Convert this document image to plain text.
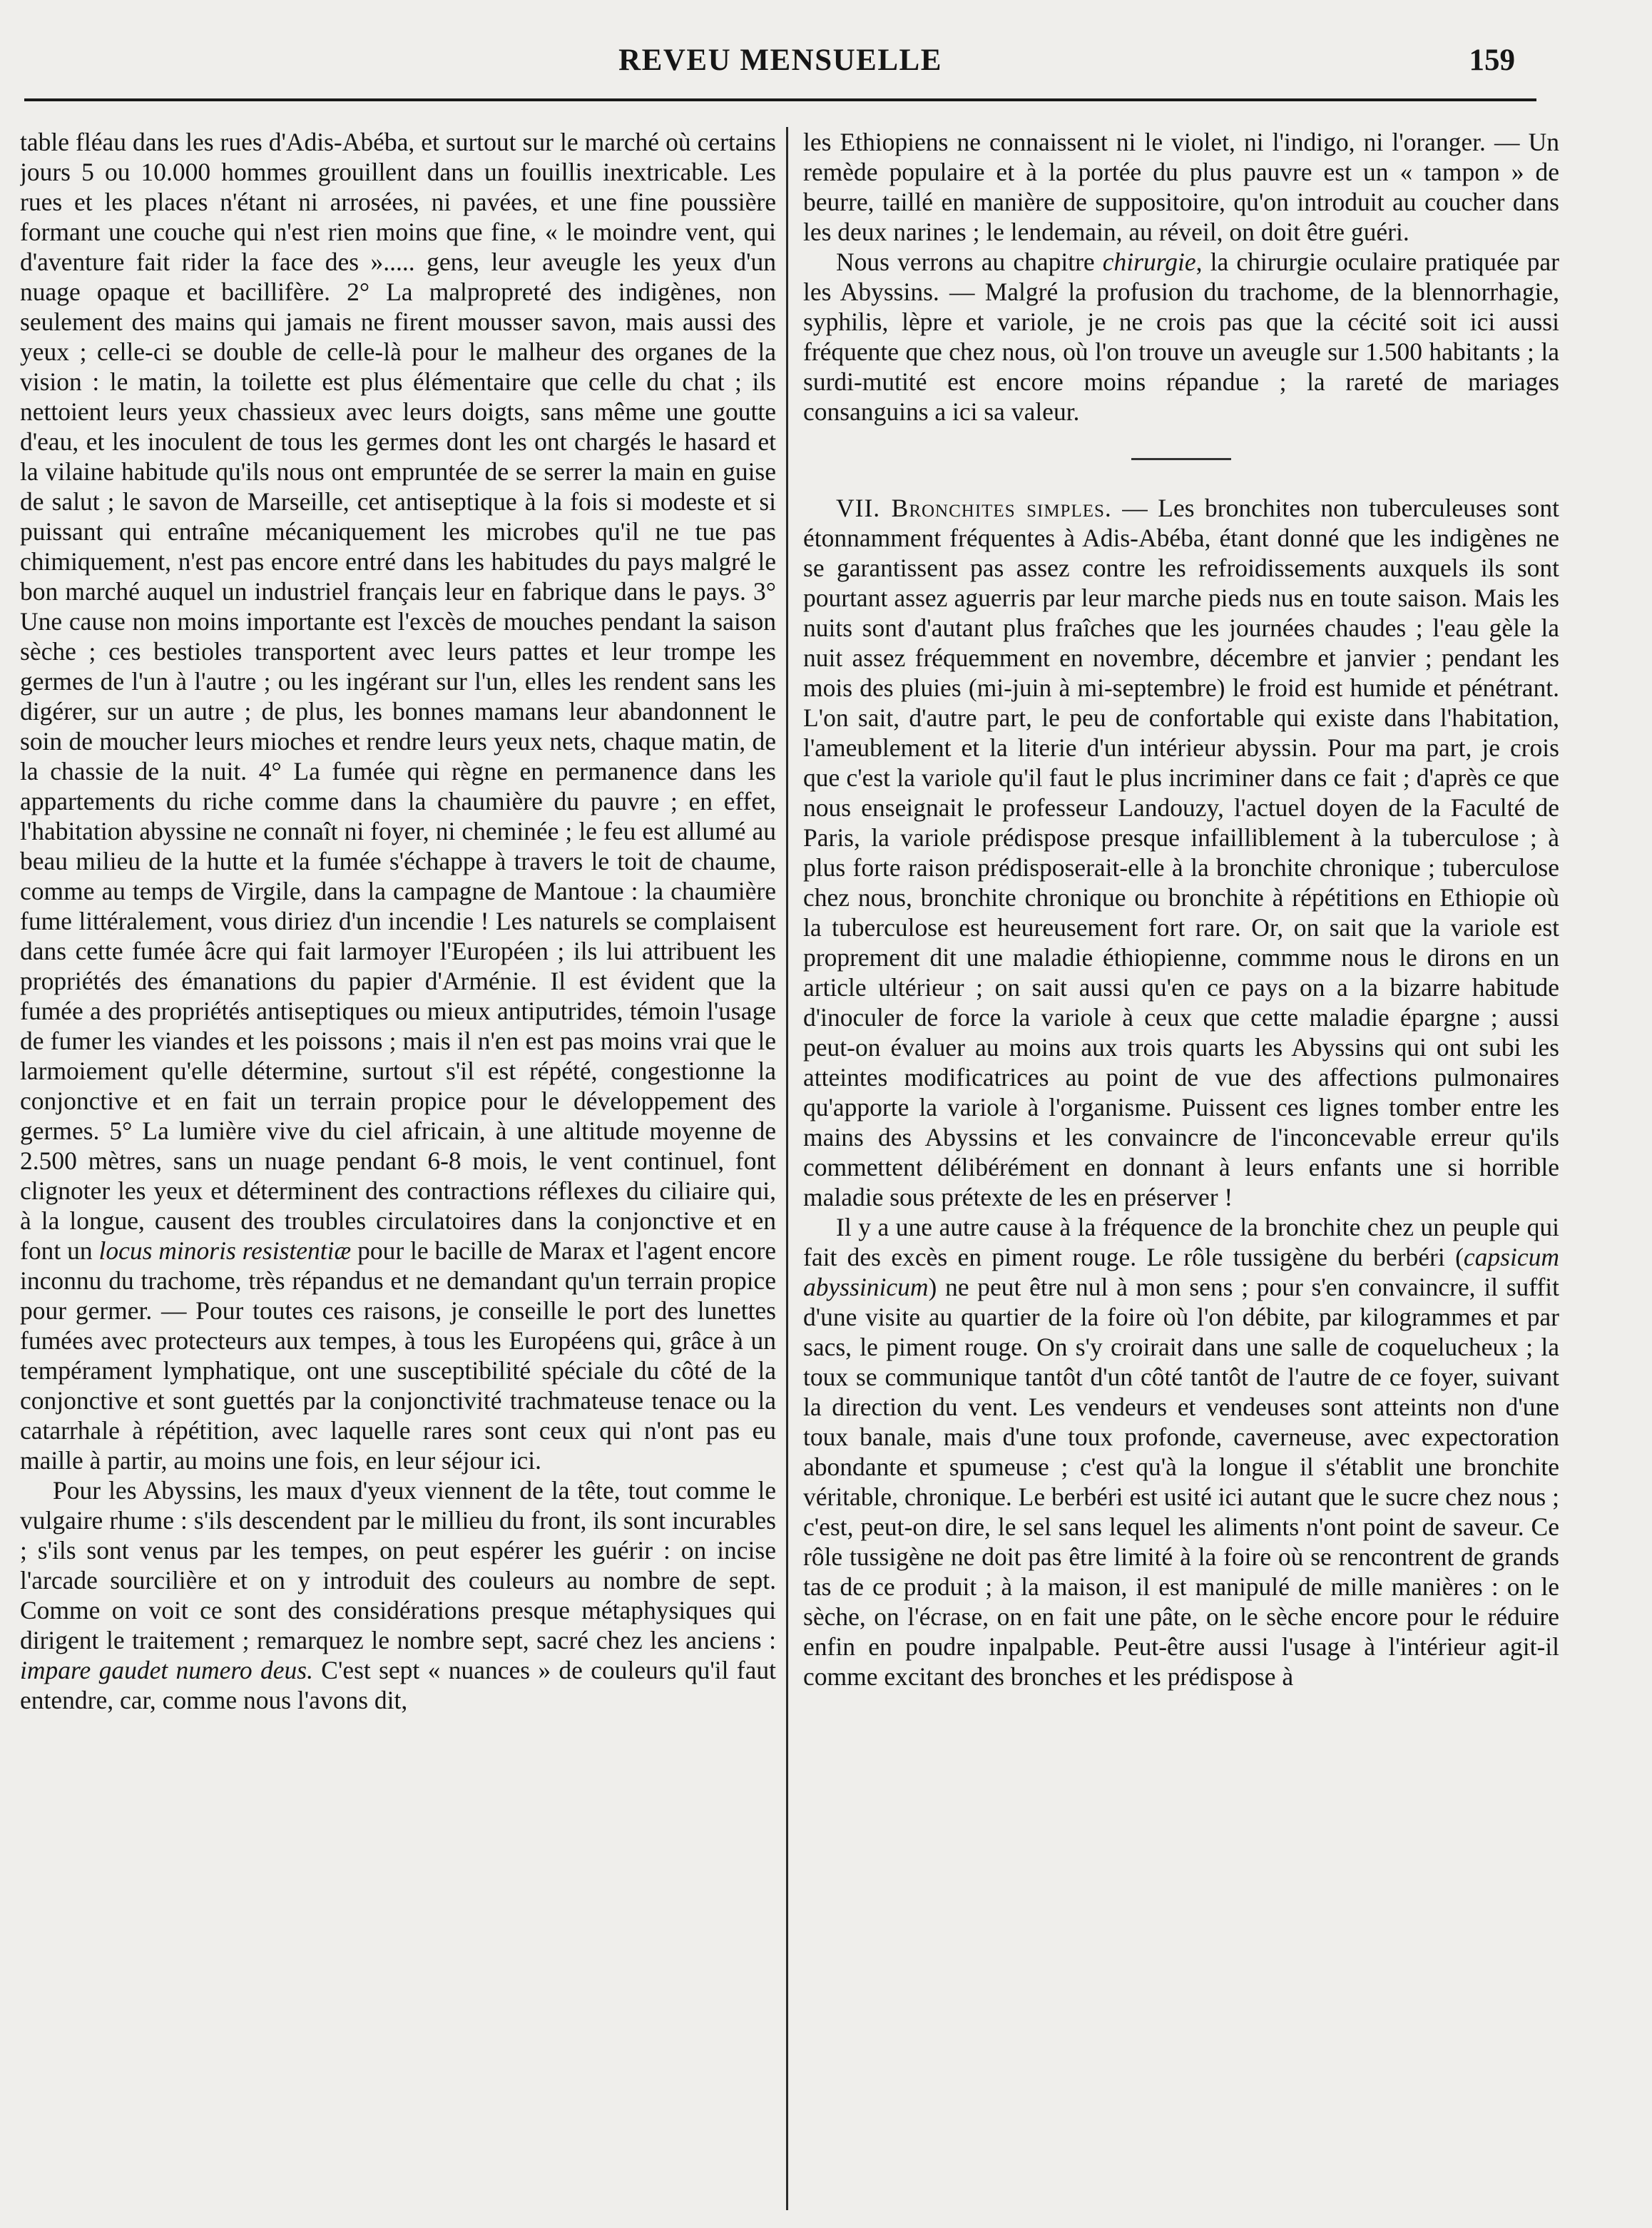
REVEU MENSUELLE	159

table fléau dans les rues d'Adis-Abéba, et surtout sur le marché où certains jours 5 ou 10.000 hommes grouillent dans un fouillis inextricable. Les rues et les places n'étant ni arrosées, ni pavées, et une fine poussière formant une couche qui n'est rien moins que fine, « le moindre vent, qui d'aventure fait rider la face des »..... gens, leur aveugle les yeux d'un nuage opaque et bacillifère. 2° La malpropreté des indigènes, non seulement des mains qui jamais ne firent mousser savon, mais aussi des yeux ; celle-ci se double de celle-là pour le malheur des organes de la vision : le matin, la toilette est plus élémentaire que celle du chat ; ils nettoient leurs yeux chassieux avec leurs doigts, sans même une goutte d'eau, et les inoculent de tous les germes dont les ont chargés le hasard et la vilaine habitude qu'ils nous ont empruntée de se serrer la main en guise de salut ; le savon de Marseille, cet antiseptique à la fois si modeste et si puissant qui entraîne mécaniquement les microbes qu'il ne tue pas chimiquement, n'est pas encore entré dans les habitudes du pays malgré le bon marché auquel un industriel français leur en fabrique dans le pays. 3° Une cause non moins importante est l'excès de mouches pendant la saison sèche ; ces bestioles transportent avec leurs pattes et leur trompe les germes de l'un à l'autre ; ou les ingérant sur l'un, elles les rendent sans les digérer, sur un autre ; de plus, les bonnes mamans leur abandonnent le soin de moucher leurs mioches et rendre leurs yeux nets, chaque matin, de la chassie de la nuit. 4° La fumée qui règne en permanence dans les appartements du riche comme dans la chaumière du pauvre ; en effet, l'habitation abyssine ne connaît ni foyer, ni cheminée ; le feu est allumé au beau milieu de la hutte et la fumée s'échappe à travers le toit de chaume, comme au temps de Virgile, dans la campagne de Mantoue : la chaumière fume littéralement, vous diriez d'un incendie ! Les naturels se complaisent dans cette fumée âcre qui fait larmoyer l'Européen ; ils lui attribuent les propriétés des émanations du papier d'Arménie. Il est évident que la fumée a des propriétés antiseptiques ou mieux antiputrides, témoin l'usage de fumer les viandes et les poissons ; mais il n'en est pas moins vrai que le larmoiement qu'elle détermine, surtout s'il est répété, congestionne la conjonctive et en fait un terrain propice pour le développement des germes. 5° La lumière vive du ciel africain, à une altitude moyenne de 2.500 mètres, sans un nuage pendant 6-8 mois, le vent continuel, font clignoter les yeux et déterminent des contractions réflexes du ciliaire qui, à la longue, causent des troubles circulatoires dans la conjonctive et en font un locus minoris resistentiæ pour le bacille de Marax et l'agent encore inconnu du trachome, très répandus et ne demandant qu'un terrain propice pour germer. — Pour toutes ces raisons, je conseille le port des lunettes fumées avec protecteurs aux tempes, à tous les Européens qui, grâce à un tempérament lymphatique, ont une susceptibilité spéciale du côté de la conjonctive et sont guettés par la conjonctivité trachmateuse tenace ou la catarrhale à répétition, avec laquelle rares sont ceux qui n'ont pas eu maille à partir, au moins une fois, en leur séjour ici.

Pour les Abyssins, les maux d'yeux viennent de la tête, tout comme le vulgaire rhume : s'ils descendent par le millieu du front, ils sont incurables ; s'ils sont venus par les tempes, on peut espérer les guérir : on incise l'arcade sourcilière et on y introduit des couleurs au nombre de sept. Comme on voit ce sont des considérations presque métaphysiques qui dirigent le traitement ; remarquez le nombre sept, sacré chez les anciens : impare gaudet numero deus. C'est sept « nuances » de couleurs qu'il faut entendre, car, comme nous l'avons dit,

les Ethiopiens ne connaissent ni le violet, ni l'indigo, ni l'oranger. — Un remède populaire et à la portée du plus pauvre est un « tampon » de beurre, taillé en manière de suppositoire, qu'on introduit au coucher dans les deux narines ; le lendemain, au réveil, on doit être guéri.

Nous verrons au chapitre chirurgie, la chirurgie oculaire pratiquée par les Abyssins. — Malgré la profusion du trachome, de la blennorrhagie, syphilis, lèpre et variole, je ne crois pas que la cécité soit ici aussi fréquente que chez nous, où l'on trouve un aveugle sur 1.500 habitants ; la surdi-mutité est encore moins répandue ; la rareté de mariages consanguins a ici sa valeur.

VII. Bronchites simples. — Les bronchites non tuberculeuses sont étonnamment fréquentes à Adis-Abéba, étant donné que les indigènes ne se garantissent pas assez contre les refroidissements auxquels ils sont pourtant assez aguerris par leur marche pieds nus en toute saison. Mais les nuits sont d'autant plus fraîches que les journées chaudes ; l'eau gèle la nuit assez fréquemment en novembre, décembre et janvier ; pendant les mois des pluies (mi-juin à mi-septembre) le froid est humide et pénétrant. L'on sait, d'autre part, le peu de confortable qui existe dans l'habitation, l'ameublement et la literie d'un intérieur abyssin. Pour ma part, je crois que c'est la variole qu'il faut le plus incriminer dans ce fait ; d'après ce que nous enseignait le professeur Landouzy, l'actuel doyen de la Faculté de Paris, la variole prédispose presque infailliblement à la tuberculose ; à plus forte raison prédisposerait-elle à la bronchite chronique ; tuberculose chez nous, bronchite chronique ou bronchite à répétitions en Ethiopie où la tuberculose est heureusement fort rare. Or, on sait que la variole est proprement dit une maladie éthiopienne, commme nous le dirons en un article ultérieur ; on sait aussi qu'en ce pays on a la bizarre habitude d'inoculer de force la variole à ceux que cette maladie épargne ; aussi peut-on évaluer au moins aux trois quarts les Abyssins qui ont subi les atteintes modificatrices au point de vue des affections pulmonaires qu'apporte la variole à l'organisme. Puissent ces lignes tomber entre les mains des Abyssins et les convaincre de l'inconcevable erreur qu'ils commettent délibérément en donnant à leurs enfants une si horrible maladie sous prétexte de les en préserver !

Il y a une autre cause à la fréquence de la bronchite chez un peuple qui fait des excès en piment rouge. Le rôle tussigène du berbéri (capsicum abyssinicum) ne peut être nul à mon sens ; pour s'en convaincre, il suffit d'une visite au quartier de la foire où l'on débite, par kilogrammes et par sacs, le piment rouge. On s'y croirait dans une salle de coquelucheux ; la toux se communique tantôt d'un côté tantôt de l'autre de ce foyer, suivant la direction du vent. Les vendeurs et vendeuses sont atteints non d'une toux banale, mais d'une toux profonde, caverneuse, avec expectoration abondante et spumeuse ; c'est qu'à la longue il s'établit une bronchite véritable, chronique. Le berbéri est usité ici autant que le sucre chez nous ; c'est, peut-on dire, le sel sans lequel les aliments n'ont point de saveur. Ce rôle tussigène ne doit pas être limité à la foire où se rencontrent de grands tas de ce produit ; à la maison, il est manipulé de mille manières : on le sèche, on l'écrase, on en fait une pâte, on le sèche encore pour le réduire enfin en poudre inpalpable. Peut-être aussi l'usage à l'intérieur agit-il comme excitant des bronches et les prédispose à
